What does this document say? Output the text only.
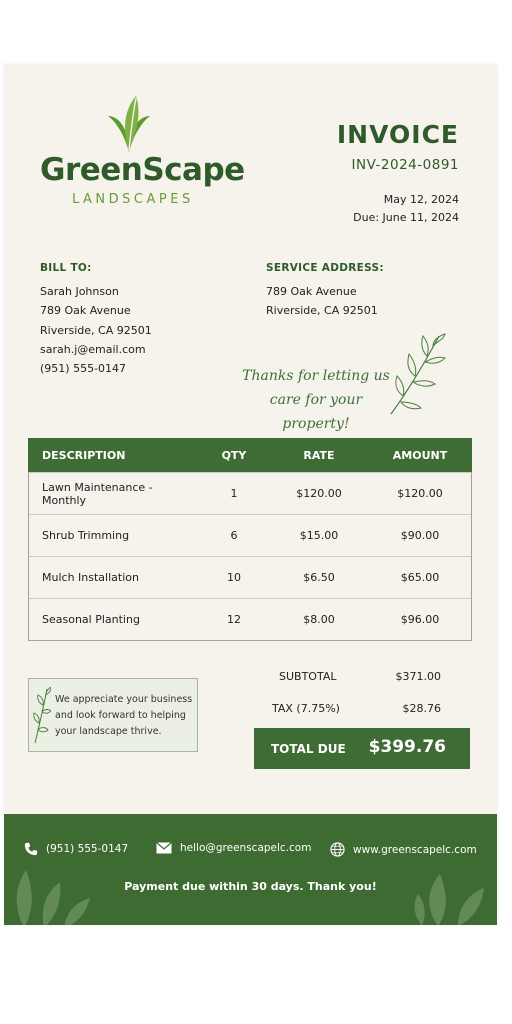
GreenScape
LANDSCAPES
INVOICE
INV-2024-0891
May 12, 2024
Due: June 11, 2024
BILL TO:
Sarah Johnson
789 Oak Avenue
Riverside, CA 92501
sarah.j@email.com
(951) 555-0147
SERVICE ADDRESS:
789 Oak Avenue
Riverside, CA 92501
Thanks for letting us
care for your property!
DESCRIPTION	QTY	RATE	AMOUNT
Lawn Maintenance - Monthly	1	$120.00	$120.00
Shrub Trimming	6	$15.00	$90.00
Mulch Installation	10	$6.50	$65.00
Seasonal Planting	12	$8.00	$96.00
We appreciate your business and look forward to helping your landscape thrive.
SUBTOTAL	$371.00
TAX (7.75%)	$28.76
TOTAL DUE $399.76
(951) 555-0147	hello@greenscapelc.com	www.greenscapelc.com
Payment due within 30 days. Thank you!
